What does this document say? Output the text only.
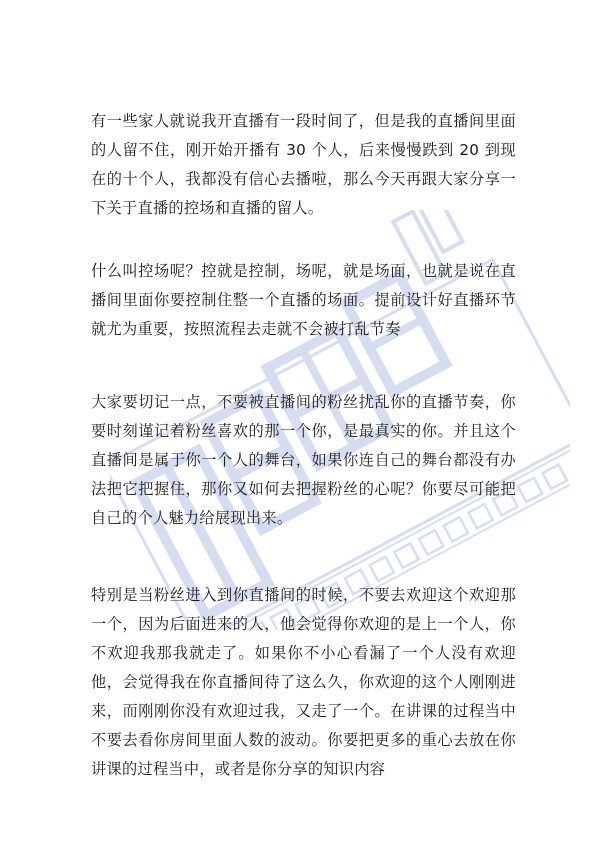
有一些家人就说我开直播有一段时间了，但是我的直播间里面的人留不住，刚开始开播有 30 个人，后来慢慢跌到 20 到现在的十个人，我都没有信心去播啦，那么今天再跟大家分享一下关于直播的控场和直播的留人。

什么叫控场呢？控就是控制，场呢，就是场面，也就是说在直播间里面你要控制住整一个直播的场面。提前设计好直播环节就尤为重要，按照流程去走就不会被打乱节奏

大家要切记一点，不要被直播间的粉丝扰乱你的直播节奏，你要时刻谨记着粉丝喜欢的那一个你，是最真实的你。并且这个直播间是属于你一个人的舞台，如果你连自己的舞台都没有办法把它把握住，那你又如何去把握粉丝的心呢？你要尽可能把自己的个人魅力给展现出来。

特别是当粉丝进入到你直播间的时候，不要去欢迎这个欢迎那一个，因为后面进来的人，他会觉得你欢迎的是上一个人，你不欢迎我那我就走了。如果你不小心看漏了一个人没有欢迎他，会觉得我在你直播间待了这么久，你欢迎的这个人刚刚进来，而刚刚你没有欢迎过我，又走了一个。在讲课的过程当中不要去看你房间里面人数的波动。你要把更多的重心去放在你讲课的过程当中，或者是你分享的知识内容
